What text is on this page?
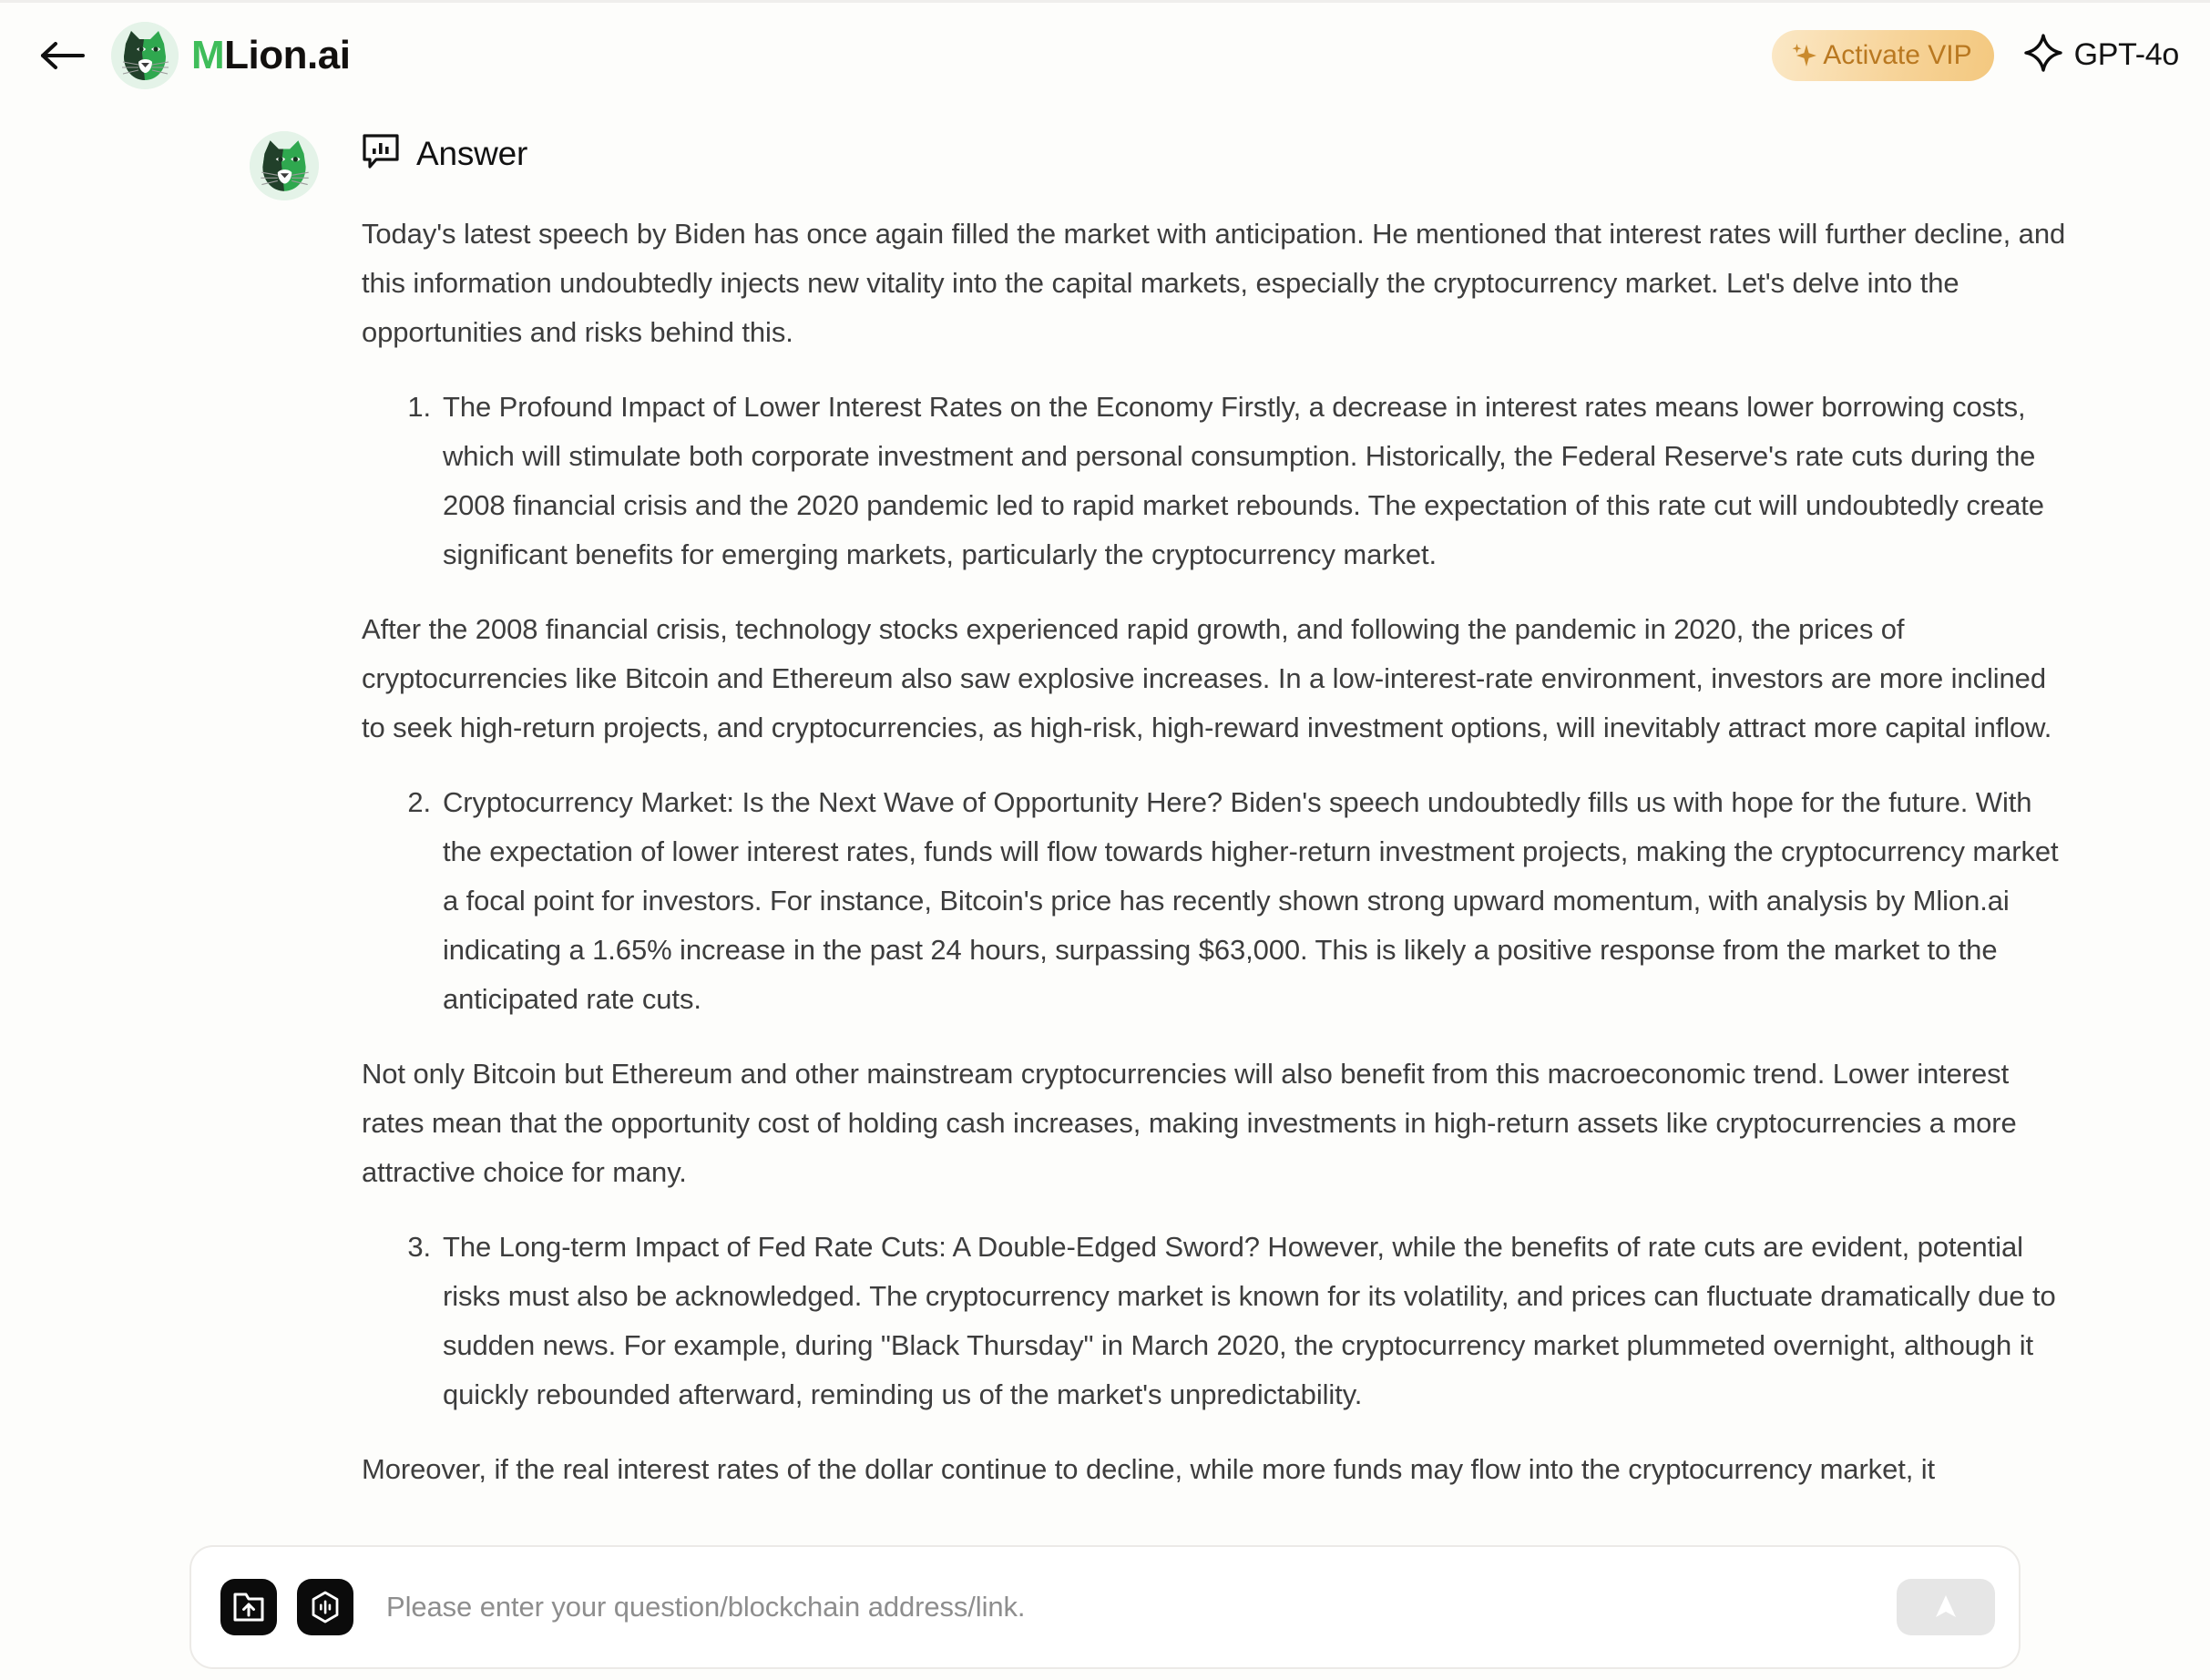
MLion.ai	Activate VIP	GPT-4o
Answer

Today's latest speech by Biden has once again filled the market with anticipation. He mentioned that interest rates will further decline, and this information undoubtedly injects new vitality into the capital markets, especially the cryptocurrency market. Let's delve into the opportunities and risks behind this.

The Profound Impact of Lower Interest Rates on the Economy Firstly, a decrease in interest rates means lower borrowing costs, which will stimulate both corporate investment and personal consumption. Historically, the Federal Reserve's rate cuts during the 2008 financial crisis and the 2020 pandemic led to rapid market rebounds. The expectation of this rate cut will undoubtedly create significant benefits for emerging markets, particularly the cryptocurrency market.

After the 2008 financial crisis, technology stocks experienced rapid growth, and following the pandemic in 2020, the prices of cryptocurrencies like Bitcoin and Ethereum also saw explosive increases. In a low-interest-rate environment, investors are more inclined to seek high-return projects, and cryptocurrencies, as high-risk, high-reward investment options, will inevitably attract more capital inflow.

Cryptocurrency Market: Is the Next Wave of Opportunity Here? Biden's speech undoubtedly fills us with hope for the future. With the expectation of lower interest rates, funds will flow towards higher-return investment projects, making the cryptocurrency market a focal point for investors. For instance, Bitcoin's price has recently shown strong upward momentum, with analysis by Mlion.ai indicating a 1.65% increase in the past 24 hours, surpassing $63,000. This is likely a positive response from the market to the anticipated rate cuts.

Not only Bitcoin but Ethereum and other mainstream cryptocurrencies will also benefit from this macroeconomic trend. Lower interest rates mean that the opportunity cost of holding cash increases, making investments in high-return assets like cryptocurrencies a more attractive choice for many.

The Long-term Impact of Fed Rate Cuts: A Double-Edged Sword? However, while the benefits of rate cuts are evident, potential risks must also be acknowledged. The cryptocurrency market is known for its volatility, and prices can fluctuate dramatically due to sudden news. For example, during "Black Thursday" in March 2020, the cryptocurrency market plummeted overnight, although it quickly rebounded afterward, reminding us of the market's unpredictability.

Moreover, if the real interest rates of the dollar continue to decline, while more funds may flow into the cryptocurrency market, it

Please enter your question/blockchain address/link.
